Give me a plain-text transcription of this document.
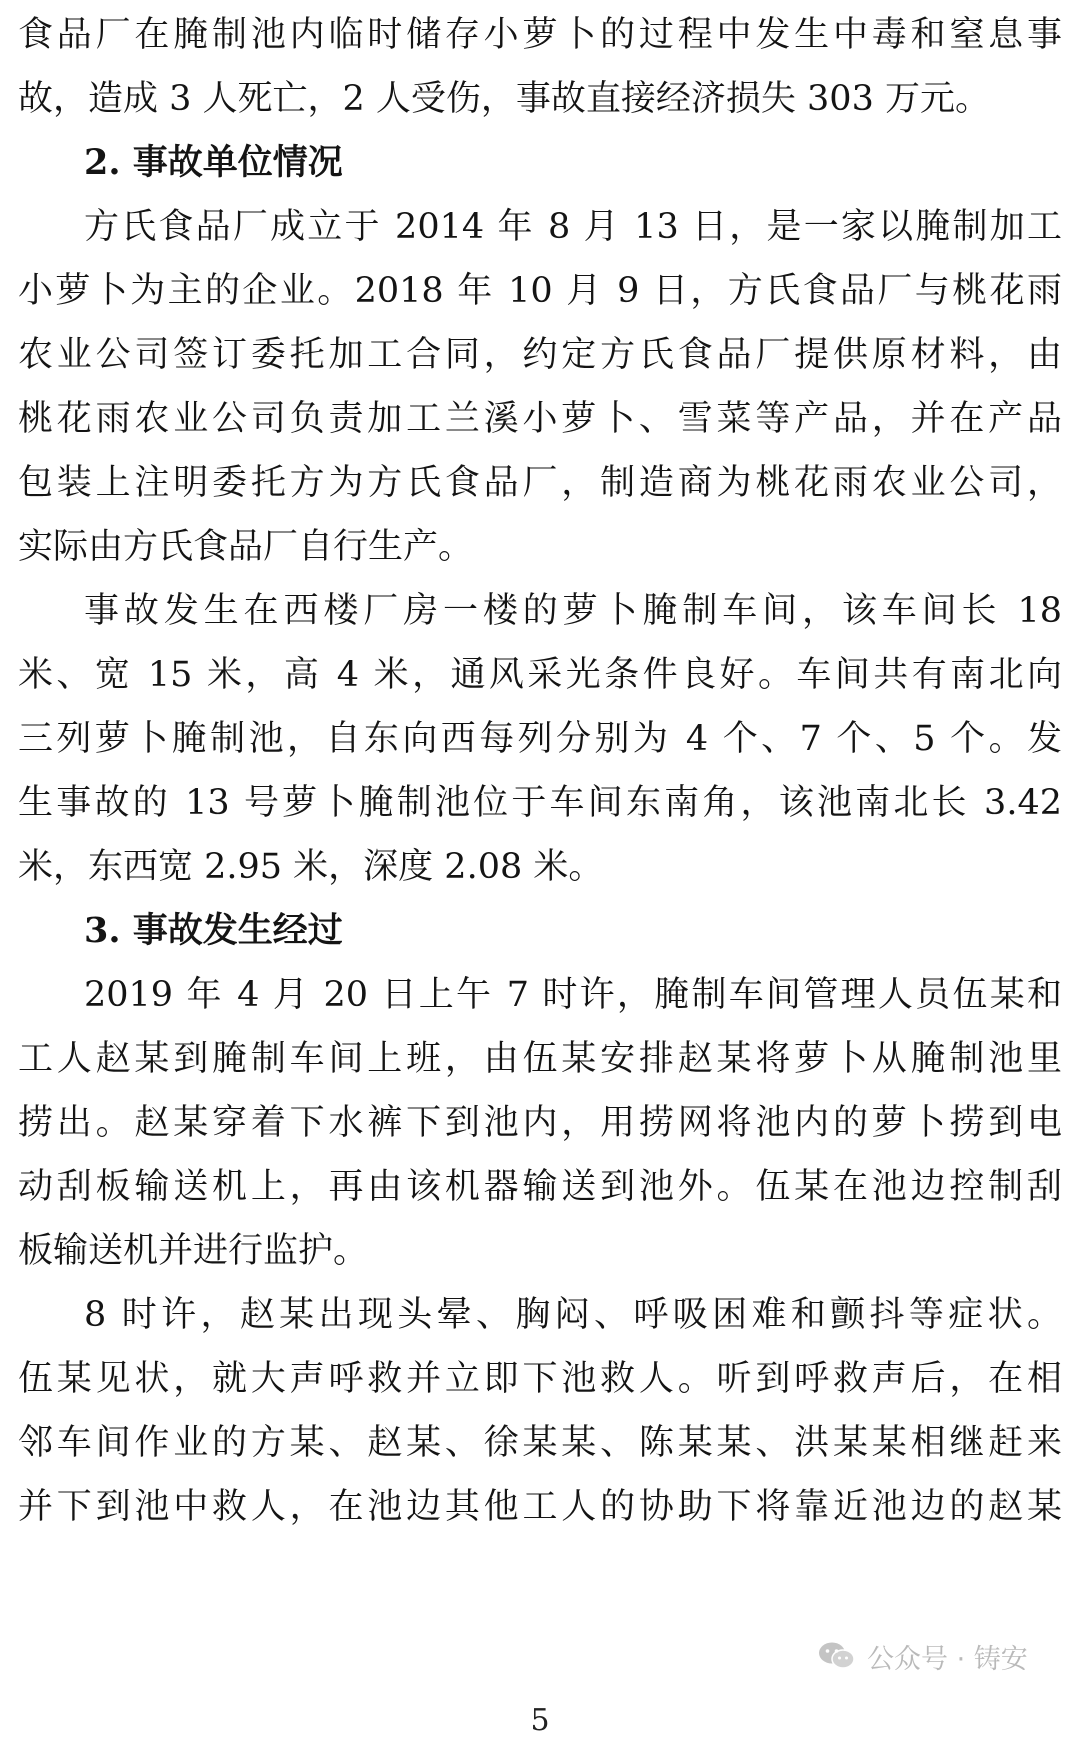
食品厂在腌制池内临时储存小萝卜的过程中发生中毒和窒息事
故，造成 3 人死亡，2 人受伤，事故直接经济损失 303 万元。
2. 事故单位情况
方氏食品厂成立于 2014 年 8 月 13 日，是一家以腌制加工
小萝卜为主的企业。2018 年 10 月 9 日，方氏食品厂与桃花雨
农业公司签订委托加工合同，约定方氏食品厂提供原材料，由
桃花雨农业公司负责加工兰溪小萝卜、雪菜等产品，并在产品
包装上注明委托方为方氏食品厂，制造商为桃花雨农业公司，
实际由方氏食品厂自行生产。
事故发生在西楼厂房一楼的萝卜腌制车间，该车间长 18
米、宽 15 米，高 4 米，通风采光条件良好。车间共有南北向
三列萝卜腌制池，自东向西每列分别为 4 个、7 个、5 个。发
生事故的 13 号萝卜腌制池位于车间东南角，该池南北长 3.42
米，东西宽 2.95 米，深度 2.08 米。
3. 事故发生经过
2019 年 4 月 20 日上午 7 时许，腌制车间管理人员伍某和
工人赵某到腌制车间上班，由伍某安排赵某将萝卜从腌制池里
捞出。赵某穿着下水裤下到池内，用捞网将池内的萝卜捞到电
动刮板输送机上，再由该机器输送到池外。伍某在池边控制刮
板输送机并进行监护。
8 时许，赵某出现头晕、胸闷、呼吸困难和颤抖等症状。
伍某见状，就大声呼救并立即下池救人。听到呼救声后，在相
邻车间作业的方某、赵某、徐某某、陈某某、洪某某相继赶来
并下到池中救人，在池边其他工人的协助下将靠近池边的赵某
公众号 · 铸安
5
